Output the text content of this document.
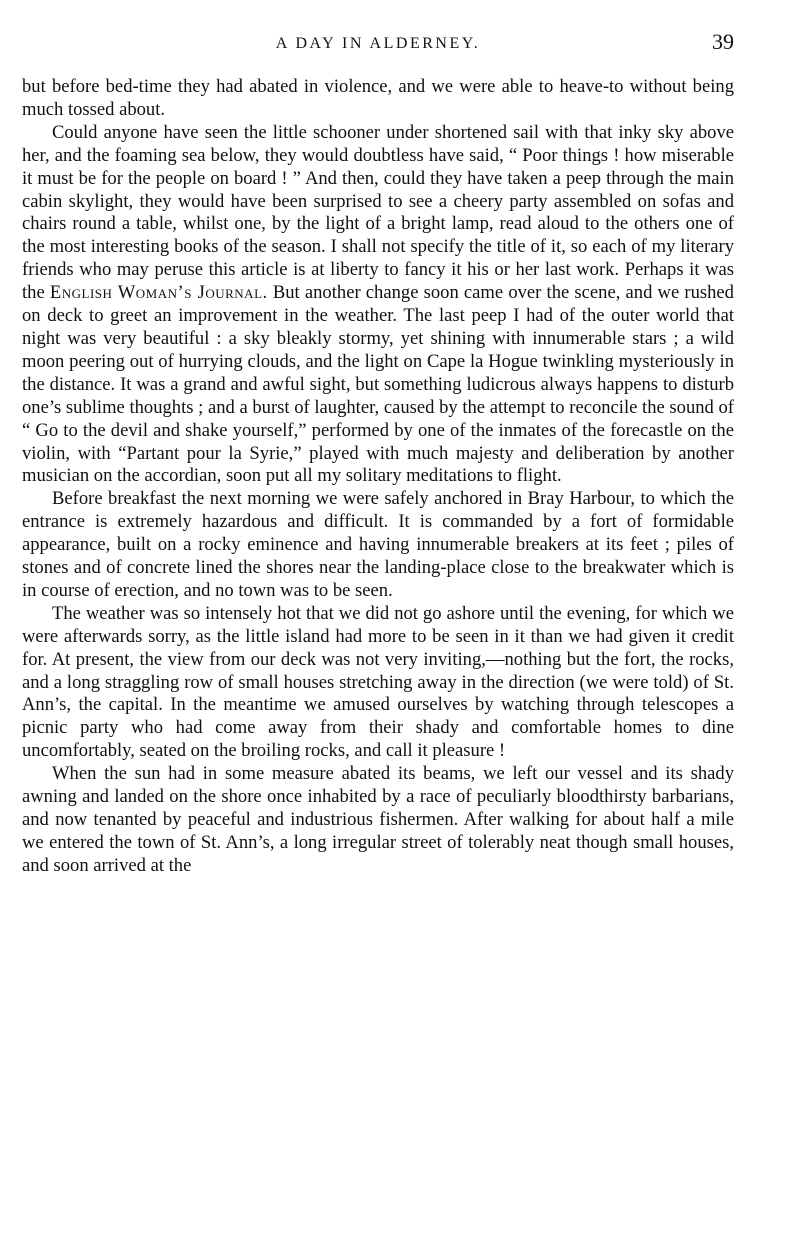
A DAY IN ALDERNEY.	39

but before bed-time they had abated in violence, and we were able to heave-to without being much tossed about.

Could anyone have seen the little schooner under shortened sail with that inky sky above her, and the foaming sea below, they would doubtless have said, “ Poor things ! how miserable it must be for the people on board ! ” And then, could they have taken a peep through the main cabin skylight, they would have been surprised to see a cheery party assembled on sofas and chairs round a table, whilst one, by the light of a bright lamp, read aloud to the others one of the most interesting books of the season. I shall not specify the title of it, so each of my literary friends who may peruse this article is at liberty to fancy it his or her last work. Perhaps it was the English Woman’s Journal. But another change soon came over the scene, and we rushed on deck to greet an improvement in the weather. The last peep I had of the outer world that night was very beautiful : a sky bleakly stormy, yet shining with innumerable stars ; a wild moon peering out of hurrying clouds, and the light on Cape la Hogue twinkling mysteriously in the distance. It was a grand and awful sight, but something ludicrous always happens to disturb one’s sublime thoughts ; and a burst of laughter, caused by the attempt to reconcile the sound of “ Go to the devil and shake yourself,” performed by one of the inmates of the forecastle on the violin, with “Partant pour la Syrie,” played with much majesty and deliberation by another musician on the accordian, soon put all my solitary meditations to flight.

Before breakfast the next morning we were safely anchored in Bray Harbour, to which the entrance is extremely hazardous and difficult. It is commanded by a fort of formidable appearance, built on a rocky eminence and having innumerable breakers at its feet ; piles of stones and of concrete lined the shores near the landing-place close to the breakwater which is in course of erection, and no town was to be seen.

The weather was so intensely hot that we did not go ashore until the evening, for which we were afterwards sorry, as the little island had more to be seen in it than we had given it credit for. At present, the view from our deck was not very inviting,—nothing but the fort, the rocks, and a long straggling row of small houses stretching away in the direction (we were told) of St. Ann’s, the capital. In the meantime we amused ourselves by watching through telescopes a picnic party who had come away from their shady and comfortable homes to dine uncomfortably, seated on the broiling rocks, and call it pleasure !

When the sun had in some measure abated its beams, we left our vessel and its shady awning and landed on the shore once inhabited by a race of peculiarly bloodthirsty barbarians, and now tenanted by peaceful and industrious fishermen. After walking for about half a mile we entered the town of St. Ann’s, a long irregular street of tolerably neat though small houses, and soon arrived at the
